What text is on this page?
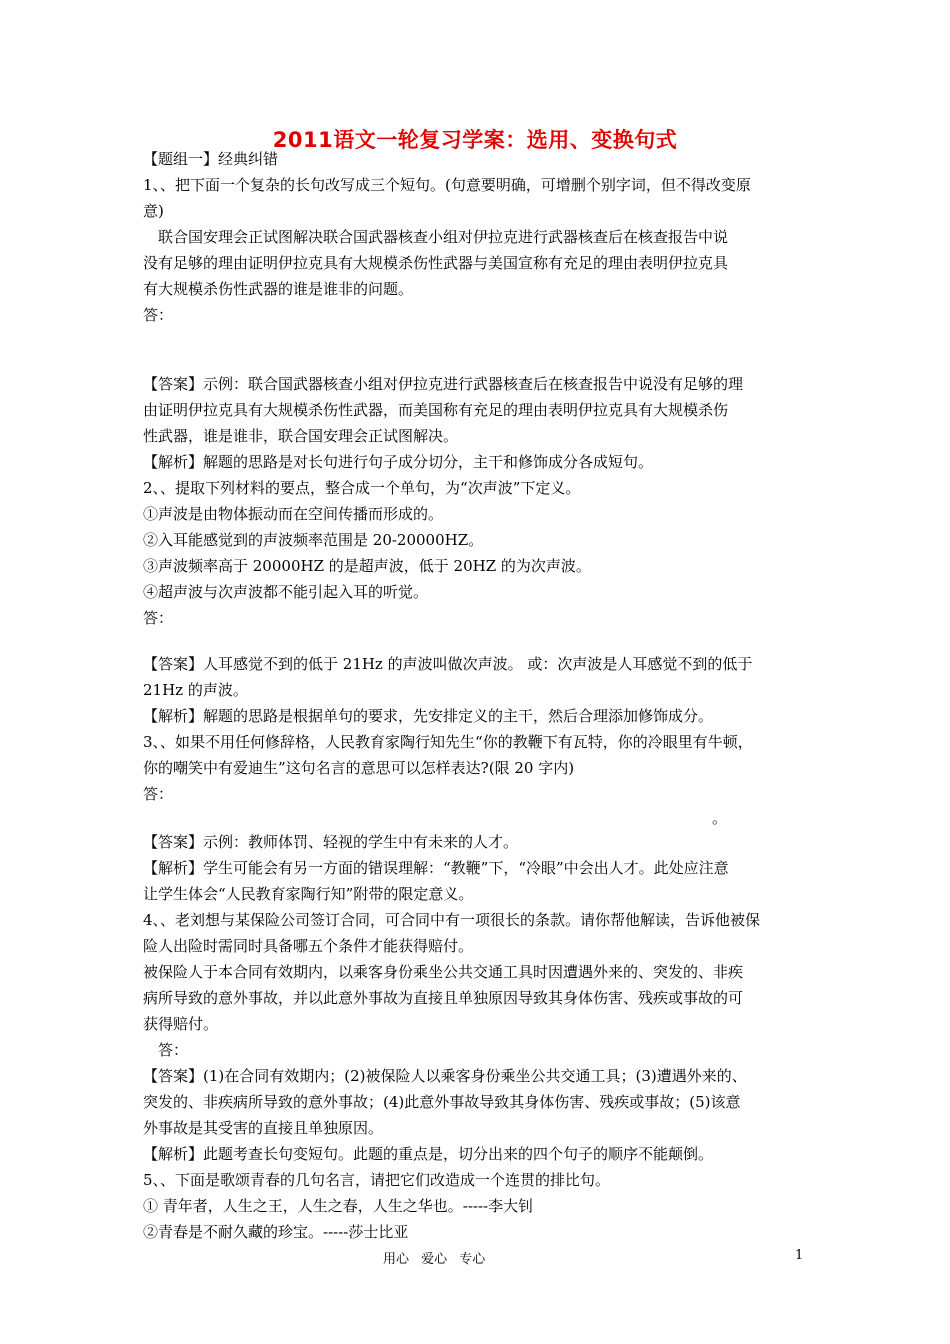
2011语文一轮复习学案：选用、变换句式
【题组一】经典纠错
1、、把下面一个复杂的长句改写成三个短句。(句意要明确，可增删个别字词，但不得改变原
意)
　联合国安理会正试图解决联合国武器核查小组对伊拉克进行武器核查后在核查报告中说
没有足够的理由证明伊拉克具有大规模杀伤性武器与美国宣称有充足的理由表明伊拉克具
有大规模杀伤性武器的谁是谁非的问题。
答：
【答案】示例：联合国武器核查小组对伊拉克进行武器核查后在核查报告中说没有足够的理
由证明伊拉克具有大规模杀伤性武器，而美国称有充足的理由表明伊拉克具有大规模杀伤
性武器，谁是谁非，联合国安理会正试图解决。
【解析】解题的思路是对长句进行句子成分切分，主干和修饰成分各成短句。
2、、提取下列材料的要点，整合成一个单句，为“次声波”下定义。
①声波是由物体振动而在空间传播而形成的。
②入耳能感觉到的声波频率范围是 20-20000HZ。
③声波频率高于 20000HZ 的是超声波，低于 20HZ 的为次声波。
④超声波与次声波都不能引起入耳的听觉。
答：
【答案】人耳感觉不到的低于 21Hz 的声波叫做次声波。 或：次声波是人耳感觉不到的低于
21Hz 的声波。
【解析】解题的思路是根据单句的要求，先安排定义的主干，然后合理添加修饰成分。
3、、如果不用任何修辞格，人民教育家陶行知先生“你的教鞭下有瓦特，你的冷眼里有牛顿，
你的嘲笑中有爱迪生”这句名言的意思可以怎样表达?(限 20 字内)
答：
。
【答案】示例：教师体罚、轻视的学生中有未来的人才。
【解析】学生可能会有另一方面的错误理解：“教鞭”下，“冷眼”中会出人才。此处应注意
让学生体会“人民教育家陶行知”附带的限定意义。
4、、老刘想与某保险公司签订合同，可合同中有一项很长的条款。请你帮他解读，告诉他被保
险人出险时需同时具备哪五个条件才能获得赔付。
被保险人于本合同有效期内，以乘客身份乘坐公共交通工具时因遭遇外来的、突发的、非疾
病所导致的意外事故，并以此意外事故为直接且单独原因导致其身体伤害、残疾或事故的可
获得赔付。
　答：
【答案】(1)在合同有效期内；(2)被保险人以乘客身份乘坐公共交通工具；(3)遭遇外来的、
突发的、非疾病所导致的意外事故；(4)此意外事故导致其身体伤害、残疾或事故；(5)该意
外事故是其受害的直接且单独原因。
【解析】此题考查长句变短句。此题的重点是，切分出来的四个句子的顺序不能颠倒。
5、、下面是歌颂青春的几句名言，请把它们改造成一个连贯的排比句。
① 青年者，人生之王，人生之春，人生之华也。-----李大钊
②青春是不耐久藏的珍宝。-----莎士比亚
用心 爱心 专心	1
